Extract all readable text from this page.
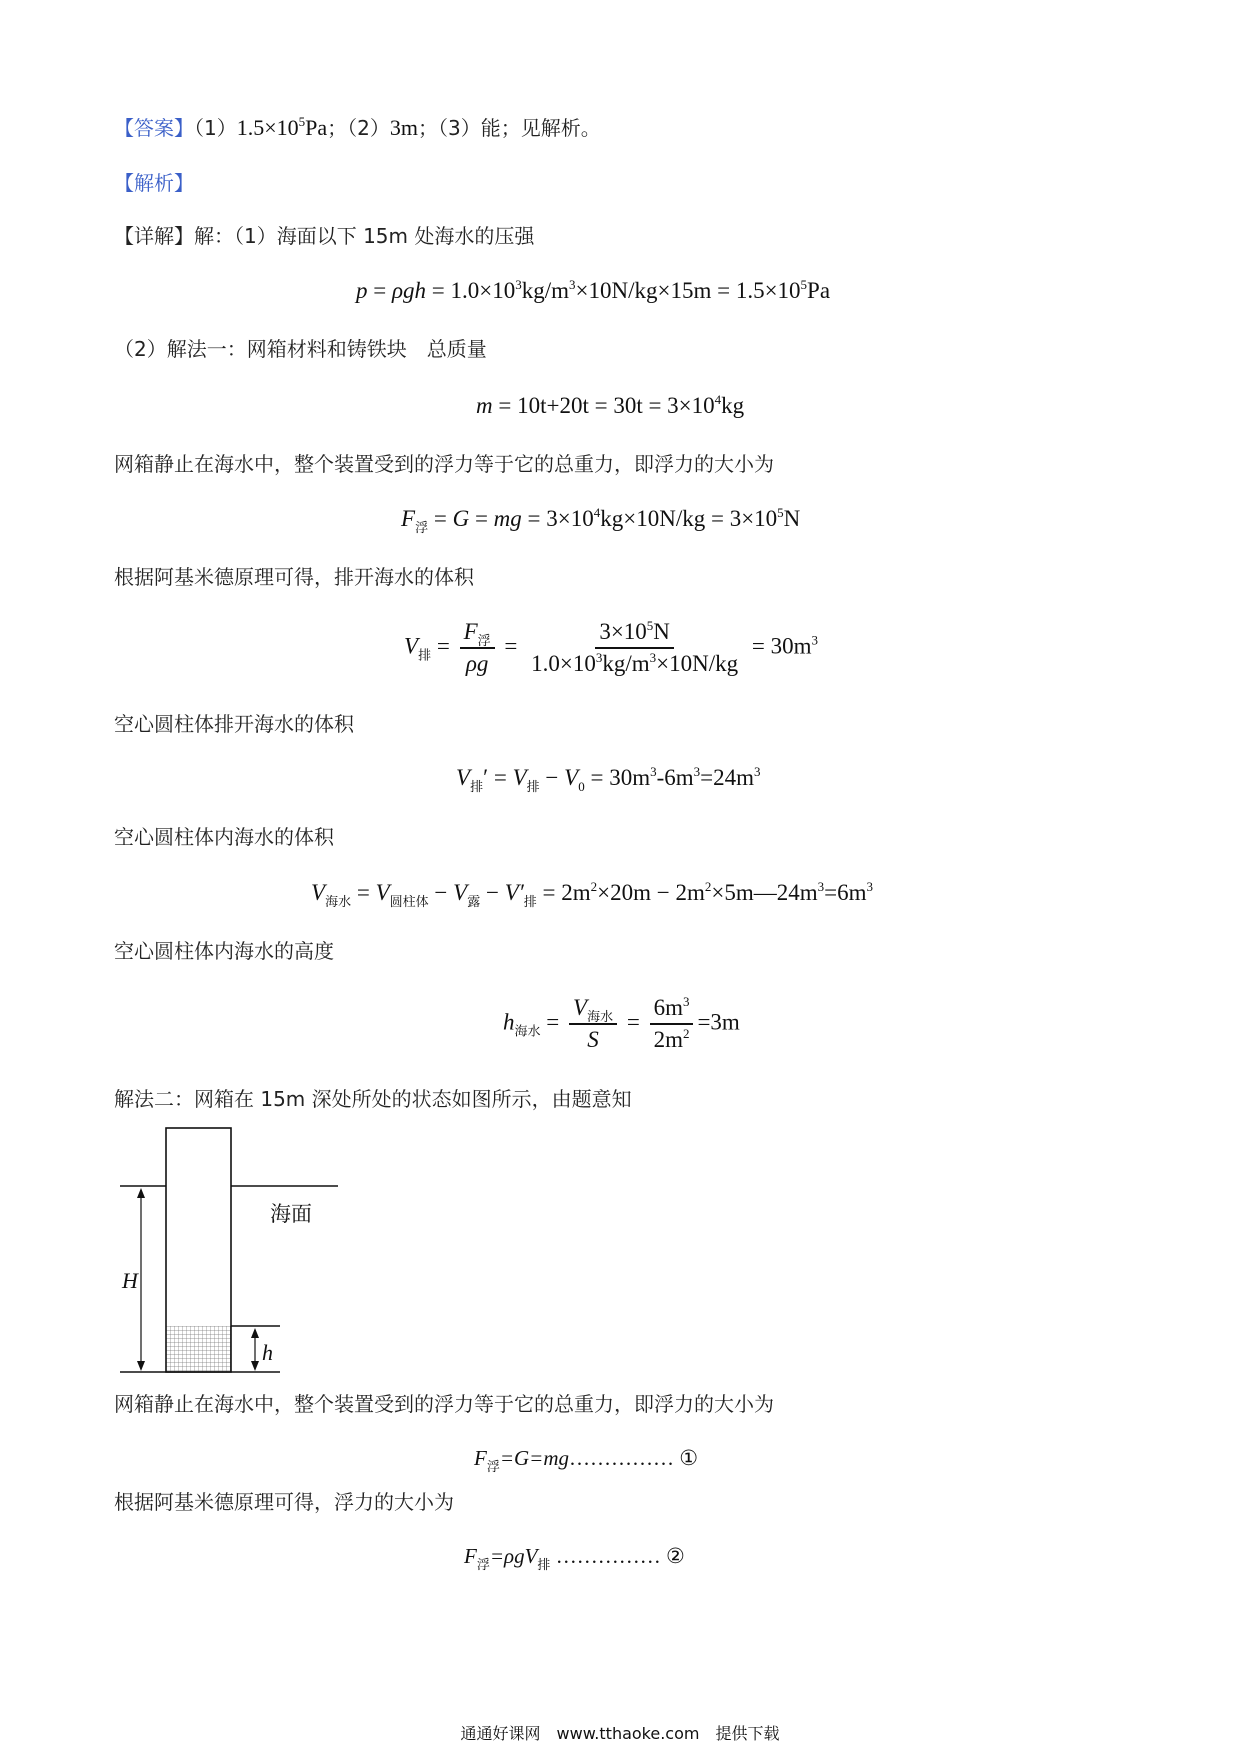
【答案】$(1)1.5\times 10^5Pa$；（2）3m；（3）能；见解析。
【解析】
【详解】解：（1）海面以下 15m 处海水的压强
$p = \rho gh = 1.0\times 10^3kg/m^3\times 10N/kg\times 15m = 1.5\times 10^5Pa$
（2）解法一：网箱材料和铸铁块　总质量
$m = 10t+20t = 30t = 3\times 10^4kg$
网箱静止在海水中，整个装置受到的浮力等于它的总重力，即浮力的大小为
$F_浮 = G$ = mg = $3\times 10^4kg\times 10N/kg = 3\times 10^5N$
根据阿基米德原理可得，排开海水的体积
$V_排 = \frac{F_浮}{\rho g} = \frac{3\times 10^5N}{1.0\times 10^3kg/m^3\times 10N/kg} = 30m^3$
空心圆柱体排开海水的体积
$V_排' = V_排 - V_0 = 30m^3-6m^3=24m^3$
空心圆柱体内海水的体积
$V_{海水} = V_{圆柱体} - V_露 - V'_排 = 2m^2\times 20m$ − $2m^2\times 5m—24m^3=6m^3$
空心圆柱体内海水的高度
$h_{海水} = \frac{V_{海水}}{S} = \frac{6m^3}{2m^2} =3m$
解法二：网箱在 15m 深处所处的状态如图所示，由题意知
海面
H
h
网箱静止在海水中，整个装置受到的浮力等于它的总重力，即浮力的大小为
$F_浮=G=mg\dots\dots\dots\dots\dots$ ①
根据阿基米德原理可得，浮力的大小为
$F_浮=\rho gV_排$ …………… ②
通通好课网　www.tthaoke.com　提供下载
